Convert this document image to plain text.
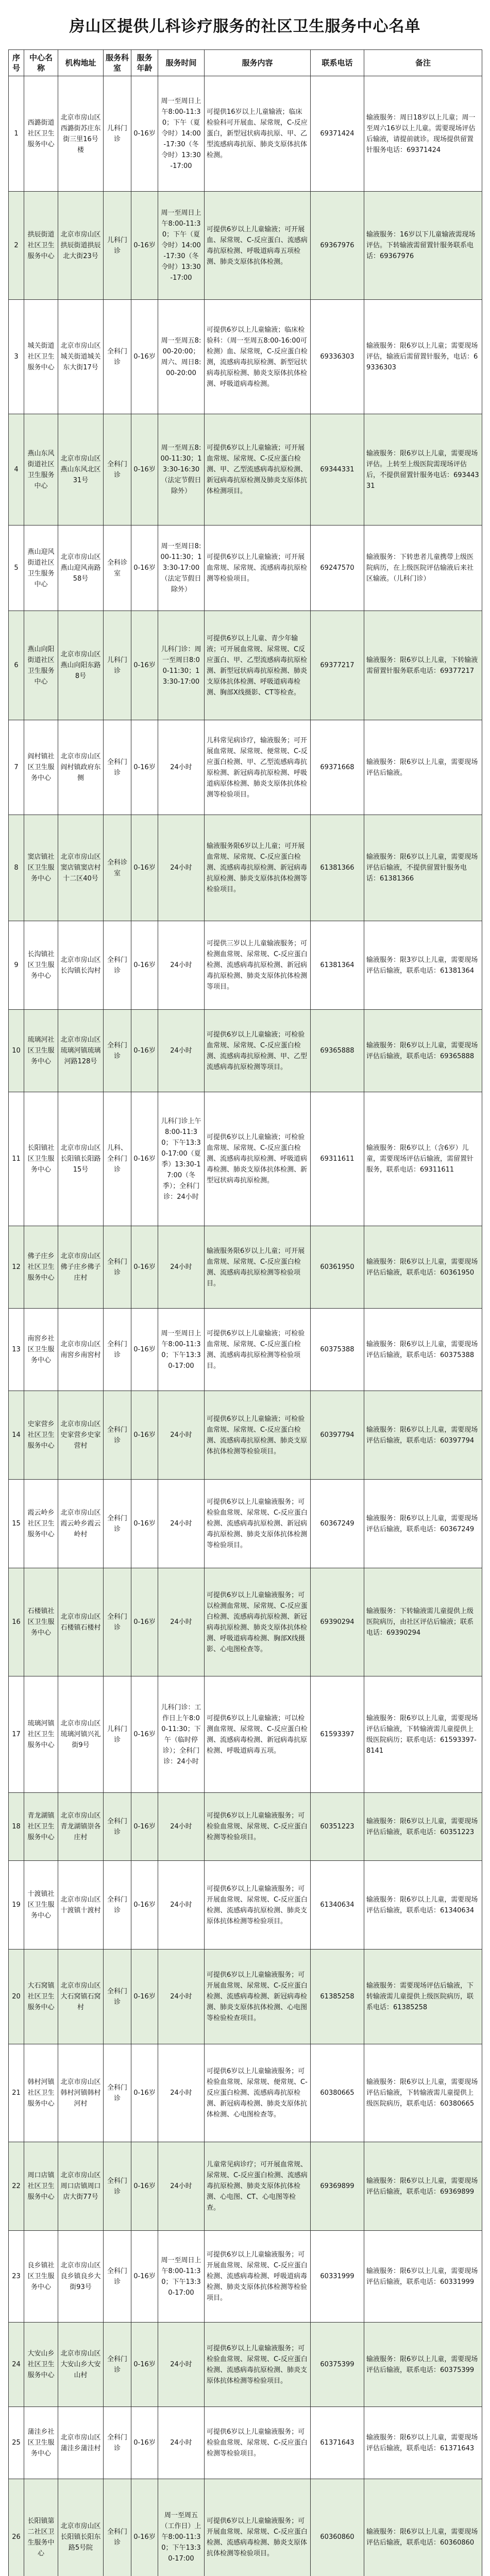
房山区提供儿科诊疗服务的社区卫生服务中心名单
序号	中心名称	机构地址	服务科室	服务年龄	服务时间	服务内容	联系电话	备注

1	西潞街道社区卫生服务中心	北京市房山区西潞街苏庄东街三里16号楼	儿科门诊	0-16岁	周一至周日上午8:00-11:30；下午（夏令时）14:00-17:30（冬令时）13:30-17:00	可提供16岁以上儿童输液；临床检验科可开展血、尿常规，C-反应蛋白，新型冠状病毒抗原、甲、乙型流感病毒抗原、肺炎支原体抗体检测。	69371424	输液服务：周日18岁以上儿童；周一至周六16岁以上儿童。需要现场评估后输液，请提前就诊。现场提供留置针服务电话：69371424

2	拱辰街道社区卫生服务中心	北京市房山区拱辰街道拱辰北大街23号	儿科门诊	0-16岁	周一至周日上午8:00-11:30；下午（夏令时）14:00-17:30（冬令时）13:30-17:00	可提供6岁以上儿童输液；可开展血、尿常规、C-反应蛋白、流感病毒抗原检测、呼吸道病毒五项检测、肺炎支原体抗体检测。	69367976	输液服务：16岁以下儿童输液需现场评估。下转输液需留置针服务联系电话：69367976

3	城关街道社区卫生服务中心	北京市房山区城关街道城关东大街17号	全科门诊	0-16岁	周一至周五8:00-20:00；周六、周日8:00-20:00	可提供6岁以上儿童输液；临床检验科：（周一至周五8:00-16:00可检测）血、尿常规，C-反应蛋白检测，流感病毒抗原检测、新型冠状病毒抗原检测、肺炎支原体抗体检测、呼吸道病毒检测。	69336303	输液服务：限6岁以上儿童；需要现场评估，输液后需留置针服务，电话：69336303

4	燕山东风街道社区卫生服务中心	北京市房山区燕山东风北区31号	全科门诊	0-16岁	周一至周五8:00-11:30；13:30-16:30（法定节假日除外）	可提供6岁以上儿童输液；可开展血常规、尿常规、C-反应蛋白检测、甲、乙型流感病毒抗原检测、新冠病毒抗原检测及肺炎支原体抗体检测项目。	69344331	输液服务：限6岁以上儿童，需要现场评估。上转至上级医院需现场评估后，不提供留置针服务电话：69344331

5	燕山迎风街道社区卫生服务中心	北京市房山区燕山迎风南路58号	全科诊室	0-16岁	周一至周日8:00-11:30；13:30-17:00（法定节假日除外）	可提供6岁以上儿童输液；可开展血常规、尿常规、流感病毒抗原检测等检验项目。	69247570	输液服务：下转患者儿童携带上级医院病历，在上级医院评估输液后来社区输液。（儿科门诊）

6	燕山向阳街道社区卫生服务中心	北京市房山区燕山向阳东路8号	儿科门诊	0-16岁	儿科门诊：周一至周日8:00-11:30；13:30-17:00	可提供6岁以上儿童、青少年输液；可开展血常规、尿常规、C反应蛋白、甲、乙型流感病毒抗原检测、新型冠状病毒抗原检测、肺炎支原体抗体检测、呼吸道病毒检测、胸部X线摄影、CT等检查。	69377217	输液服务：限6岁以上儿童，下转输液需留置针服务联系电话：69377217

7	阎村镇社区卫生服务中心	北京市房山区阎村镇政府东侧	全科门诊	0-16岁	24小时	儿科常见病诊疗，输液服务；可开展血常规、尿常规、便常规、C-反应蛋白检测、甲、乙型流感病毒抗原检测、新冠病毒抗原检测、呼吸道病原体检测、肺炎支原体抗体检测等检验项目。	69371668	输液服务：限6岁以上儿童，需要现场评估后输液。

8	窦店镇社区卫生服务中心	北京市房山区窦店镇窦店村十二区40号	全科诊室	0-16岁	24小时	输液服务限6岁以上儿童；可开展血常规、尿常规、C-反应蛋白检测、流感病毒抗原检测、新冠病毒抗原检测、肺炎支原体抗体检测等检验项目。	61381366	输液服务：限6岁以上儿童，需要现场评估后输液，不提供留置针服务电话：61381366

9	长沟镇社区卫生服务中心	北京市房山区长沟镇长沟村	全科门诊	0-16岁	24小时	可提供三岁以上儿童输液服务；可检测血常规、尿常规、C-反应蛋白检测、流感病毒抗原检测、新冠病毒抗原检测、肺炎支原体抗体检测等项目。	61381364	输液服务：限3岁以上儿童，需要现场评估后输液，联系电话：61381364

10	琉璃河社区卫生服务中心	北京市房山区琉璃河镇琉璃河路128号	全科门诊	0-16岁	24小时	可提供6岁以上儿童输液；可检验血常规、尿常规、C-反应蛋白检测、流感病毒抗原检测、甲、乙型流感病毒抗原检测等项目。	69365888	输液服务：限6岁以上儿童，需要现场评估后输液，联系电话：69365888

11	长阳镇社区卫生服务中心	北京市房山区长阳镇长阳路15号	儿科、全科门诊	0-16岁	儿科门诊上午8:00-11:30；下午13:30-17:00（夏季）13:30-17:00（冬季）；全科门诊：24小时	可提供6岁以上儿童输液；可检验血常规、尿常规、C-反应蛋白检测、流感病毒抗原检测、呼吸道病毒检测、肺炎支原体抗体检测、新型冠状病毒抗原检测。	69311611	输液服务：限6岁以上（含6岁）儿童，需要现场评估后输液，需留置针服务，联系电话：69311611

12	佛子庄乡社区卫生服务中心	北京市房山区佛子庄乡佛子庄村	全科门诊	0-16岁	24小时	输液服务限6岁以上儿童；可开展血常规、尿常规、C-反应蛋白检测、流感病毒抗原检测等检验项目。	60361950	输液服务：限6岁以上儿童，需要现场评估后输液，联系电话：60361950

13	南窖乡社区卫生服务中心	北京市房山区南窖乡南窖村	全科门诊	0-16岁	周一至周日上午8:00-11:30；下午13:30-17:00	可提供6岁以上儿童输液；可检验血常规、尿常规、C-反应蛋白检测、流感病毒抗原检测等检验项目。	60375388	输液服务：限6岁以上儿童，需要现场评估后输液，联系电话：60375388

14	史家营乡社区卫生服务中心	北京市房山区史家营乡史家营村	全科门诊	0-16岁	24小时	可提供6岁以上儿童输液；可检验血常规、尿常规、C-反应蛋白检测、流感病毒抗原检测、肺炎支原体抗体检测等检验项目。	60397794	输液服务：限6岁以上儿童，需要现场评估后输液，联系电话：60397794

15	霞云岭乡社区卫生服务中心	北京市房山区霞云岭乡霞云岭村	全科门诊	0-16岁	24小时	可提供6岁以上儿童输液服务；可检验血常规、尿常规、C-反应蛋白检测、流感病毒抗原检测、新冠病毒抗原检测、肺炎支原体抗体检测等检验项目。	60367249	输液服务：限6岁以上儿童，需要现场评估后输液，联系电话：60367249

16	石楼镇社区卫生服务中心	北京市房山区石楼镇石楼村	全科门诊	0-16岁	24小时	可提供6岁以上儿童输液服务；可以检测血常规、尿常规、C-反应蛋白检测、流感病毒抗原检测、新冠病毒抗原检测、肺炎支原体抗体检测、呼吸道病毒检测、胸部X线摄影、心电图检查等。	69390294	输液服务：下转输液需儿童提供上级医院病历，由社区评估后输液；联系电话：69390294

17	琉璃河镇社区卫生服务中心	北京市房山区琉璃河镇兴礼街9号	儿科门诊	0-16岁	儿科门诊：工作日上午8:00-11:30；下午（临时停诊）；全科门诊：24小时	可提供6岁以上儿童输液；可以检测血常规、尿常规、C-反应蛋白检测、流感病毒检测、新冠病毒抗原检测、呼吸道病毒五项。	61593397	输液服务：限6岁以上儿童，需要现场评估后输液，下转输液需儿童提供上级医院病历；联系电话：61593397-8141

18	青龙湖镇社区卫生服务中心	北京市房山区青龙湖镇崇各庄村	全科门诊	0-16岁	24小时	可提供6岁以上儿童输液服务；可检验血常规、尿常规、C-反应蛋白检测等检验项目。	60351223	输液服务：限6岁以上儿童，需要现场评估后输液，联系电话：60351223

19	十渡镇社区卫生服务中心	北京市房山区十渡镇十渡村	全科门诊	0-16岁	24小时	可提供6岁以上儿童输液服务；可开展血常规、尿常规、C-反应蛋白检测、流感病毒抗原检测、肺炎支原体抗体检测等检验项目。	61340634	输液服务：限6岁以上儿童，需要现场评估后输液，联系电话：61340634

20	大石窝镇社区卫生服务中心	北京市房山区大石窝镇石窝村	全科门诊	0-16岁	24小时	可提供6岁以上儿童输液服务；可开展血常规、尿常规、C-反应蛋白检测、流感病毒检测、新冠病毒检测、肺炎支原体抗体检测、心电图等检验检查项目。	61385258	输液服务：需要现场评估后输液，下转输液需儿童提供上级医院病历，联系电话：61385258

21	韩村河镇社区卫生服务中心	北京市房山区韩村河镇韩村河村	全科门诊	0-16岁	24小时	可提供6岁以上儿童输液服务；可检验血常规、尿常规、便常规、C-反应蛋白检测、流感病毒抗原检测、新冠病毒检测、肺炎支原体抗体检测、心电图检查等。	60380665	输液服务：限6岁以上儿童，需要现场评估后输液，下转输液需儿童提供上级医院病历，联系电话：60380665

22	周口店镇社区卫生服务中心	北京市房山区周口店镇周口店大街77号	全科门诊	0-16岁	24小时	儿童常见病诊疗；可开展血常规、尿常规、C-反应蛋白检测、流感病毒抗原检测、肺炎支原体抗体检测、心电图、CT、心电图等检查。	69369899	输液服务：限6岁以上儿童，需要现场评估后输液，联系电话：69369899

23	良乡镇社区卫生服务中心	北京市房山区良乡镇良乡大街93号	全科门诊	0-16岁	周一至周日上午8:00-11:30；下午13:30-17:00	可提供6岁以上儿童输液服务；可开展血常规、尿常规、C-反应蛋白检测、流感病毒检测、呼吸道病毒检测、肺炎支原体抗体检测等检验项目。	60331999	输液服务：限6岁以上儿童，需要现场评估后输液，联系电话：60331999

24	大安山乡社区卫生服务中心	北京市房山区大安山乡大安山村	全科门诊	0-16岁	24小时	可提供6岁以上儿童输液服务；可检验血常规、尿常规、C-反应蛋白检测、流感病毒抗原检测、肺炎支原体抗体检测等检验项目。	60375399	输液服务：限6岁以上儿童，需要现场评估后输液，联系电话：60375399

25	蒲洼乡社区卫生服务中心	北京市房山区蒲洼乡蒲洼村	全科门诊	0-16岁	24小时	可提供6岁以上儿童输液服务；可检验血常规、尿常规、C-反应蛋白检测等检验项目。	61371643	输液服务：限6岁以上儿童，需要现场评估后输液，联系电话：61371643

26	长阳镇第二社区卫生服务中心	北京市房山区长阳镇长阳东路5号院	全科门诊	0-16岁	周一至周五（工作日）上午8:00-11:30；下午13:30-17:00	可提供6岁以上儿童输液服务；可开展血常规、尿常规、C-反应蛋白检测、流感病毒检测、肺炎支原体抗体检测等检验项目。	60360860	输液服务：限6岁以上儿童，需要现场评估后输液，联系电话：60360860
